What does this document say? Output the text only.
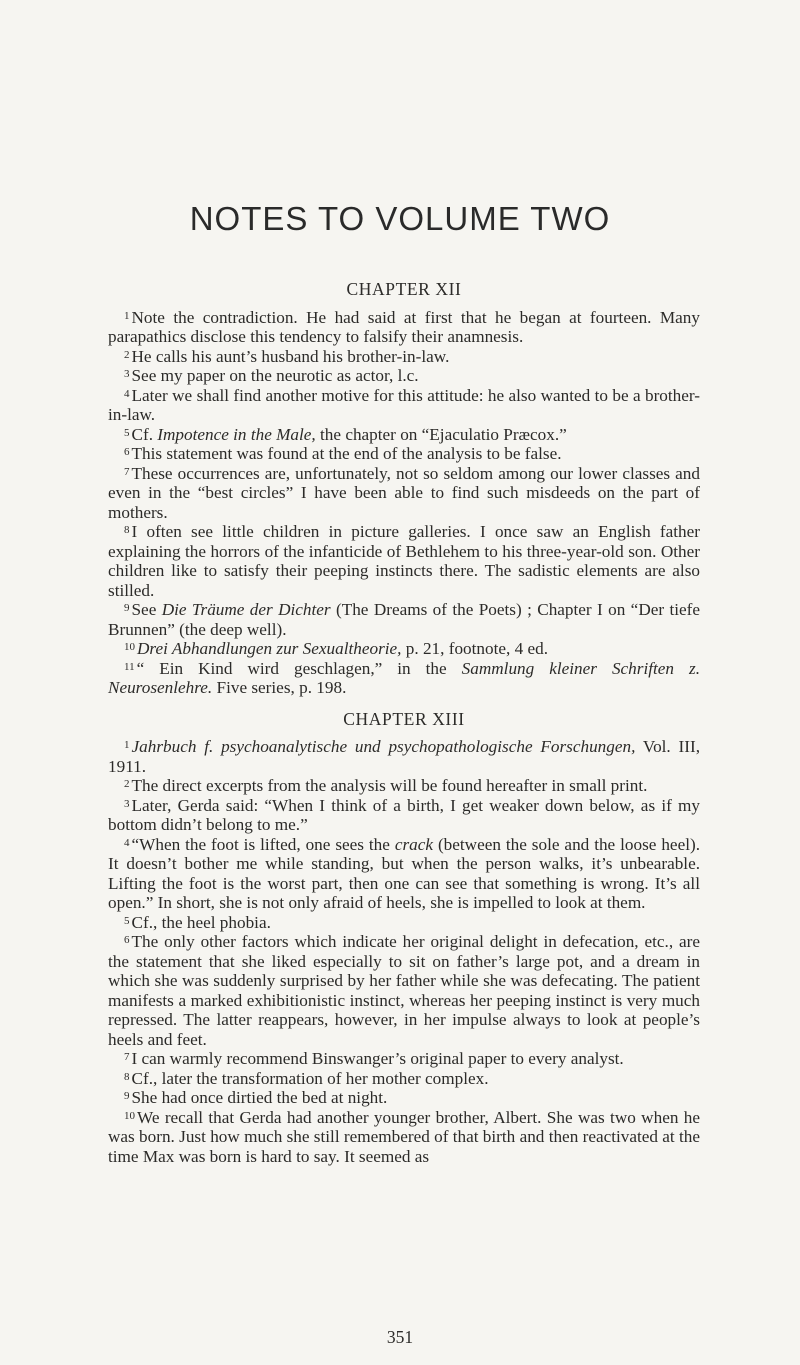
NOTES TO VOLUME TWO
CHAPTER XII

$^1$ Note the contradiction. He had said at first that he began at fourteen. Many parapathics disclose this tendency to falsify their anamnesis.

$^2$ He calls his aunt’s husband his brother-in-law.

$^3$ See my paper on the neurotic as actor, l.c.

$^4$ Later we shall find another motive for this attitude: he also wanted to be a brother-in-law.

$^5$ Cf. Impotence in the Male, the chapter on “Ejaculatio Præcox.”

$^6$ This statement was found at the end of the analysis to be false.

$^7$ These occurrences are, unfortunately, not so seldom among our lower classes and even in the “best circles” I have been able to find such misdeeds on the part of mothers.

$^8$ I often see little children in picture galleries. I once saw an English father explaining the horrors of the infanticide of Bethlehem to his three-year-old son. Other children like to satisfy their peeping instincts there. The sadistic elements are also stilled.

$^9$ See Die Träume der Dichter (The Dreams of the Poets) ; Chapter I on “Der tiefe Brunnen” (the deep well).

$^{10}$ Drei Abhandlungen zur Sexualtheorie, p. 21, footnote, 4 ed.

$^{11}$ “ Ein Kind wird geschlagen,” in the Sammlung kleiner Schriften z. Neurosenlehre. Five series, p. 198.

CHAPTER XIII

$^1$ Jahrbuch f. psychoanalytische und psychopathologische Forschungen, Vol. III, 1911.

$^2$ The direct excerpts from the analysis will be found hereafter in small print.

$^3$ Later, Gerda said: “When I think of a birth, I get weaker down below, as if my bottom didn’t belong to me.”

$^4$ “When the foot is lifted, one sees the crack (between the sole and the loose heel). It doesn’t bother me while standing, but when the person walks, it’s unbearable. Lifting the foot is the worst part, then one can see that something is wrong. It’s all open.” In short, she is not only afraid of heels, she is impelled to look at them.

$^5$ Cf., the heel phobia.

$^6$ The only other factors which indicate her original delight in defecation, etc., are the statement that she liked especially to sit on father’s large pot, and a dream in which she was suddenly surprised by her father while she was defecating. The patient manifests a marked exhibitionistic instinct, whereas her peeping instinct is very much repressed. The latter reappears, however, in her impulse always to look at people’s heels and feet.

$^7$ I can warmly recommend Binswanger’s original paper to every analyst.

$^8$ Cf., later the transformation of her mother complex.

$^9$ She had once dirtied the bed at night.

$^{10}$ We recall that Gerda had another younger brother, Albert. She was two when he was born. Just how much she still remembered of that birth and then reactivated at the time Max was born is hard to say. It seemed as

351
